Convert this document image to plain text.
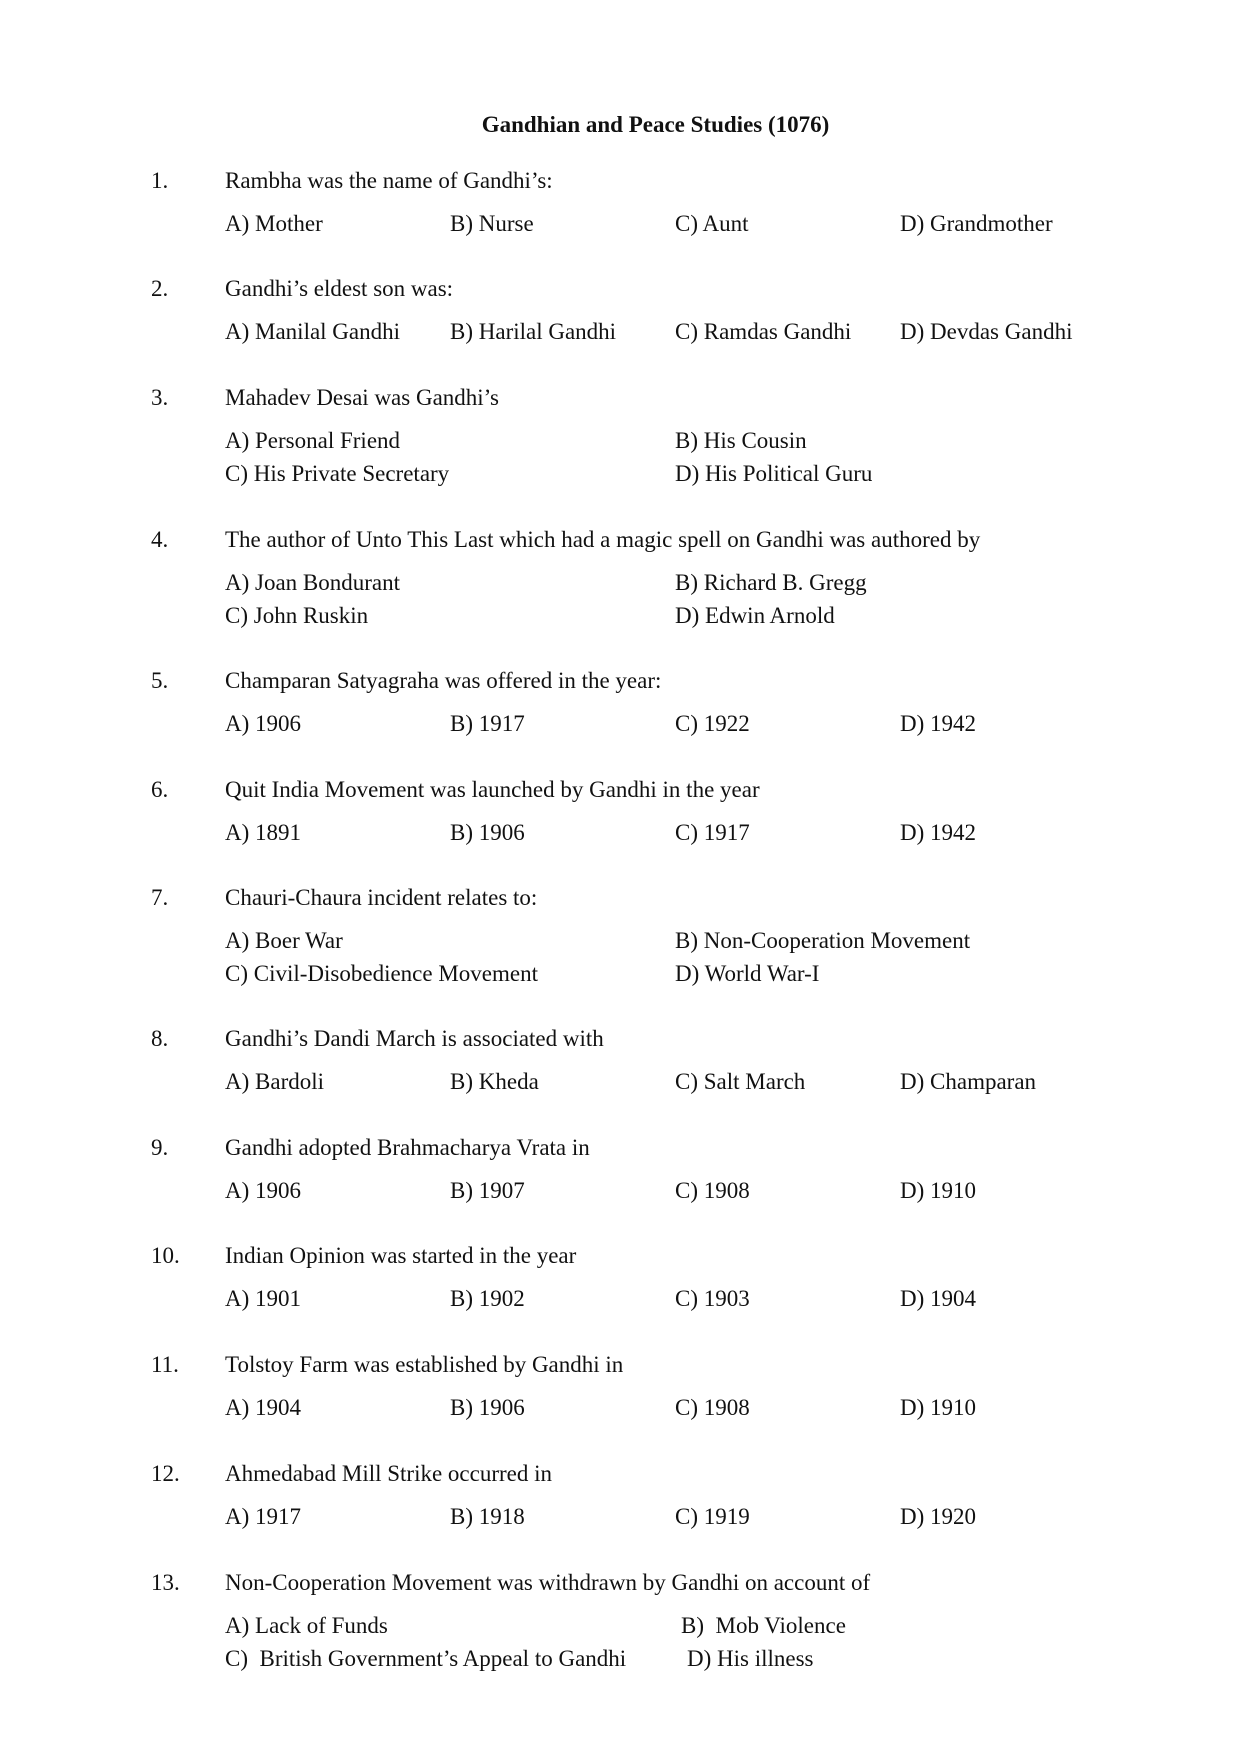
Gandhian and Peace Studies (1076)
1. Rambha was the name of Gandhi’s:
A) Mother	B) Nurse	C) Aunt	D) Grandmother
2. Gandhi’s eldest son was:
A) Manilal Gandhi B) Harilal Gandhi	C) Ramdas Gandhi D) Devdas Gandhi
3. Mahadev Desai was Gandhi’s
A) Personal Friend	B) His Cousin
C) His Private Secretary	D) His Political Guru
4. The author of Unto This Last which had a magic spell on Gandhi was authored by
A) Joan Bondurant	B) Richard B. Gregg
C) John Ruskin	D) Edwin Arnold
5. Champaran Satyagraha was offered in the year:
A) 1906	B) 1917	C) 1922	D) 1942
6. Quit India Movement was launched by Gandhi in the year
A) 1891	B) 1906	C) 1917	D) 1942
7. Chauri-Chaura incident relates to:
A) Boer War	B) Non-Cooperation Movement
C) Civil-Disobedience Movement	D) World War-I
8. Gandhi’s Dandi March is associated with
A) Bardoli	B) Kheda	C) Salt March	D) Champaran
9. Gandhi adopted Brahmacharya Vrata in
A) 1906	B) 1907	C) 1908	D) 1910
10. Indian Opinion was started in the year
A) 1901	B) 1902	C) 1903	D) 1904
11. Tolstoy Farm was established by Gandhi in
A) 1904	B) 1906	C) 1908	D) 1910
12. Ahmedabad Mill Strike occurred in
A) 1917	B) 1918	C) 1919	D) 1920
13. Non-Cooperation Movement was withdrawn by Gandhi on account of
A) Lack of Funds	B)  Mob Violence
C)  British Government’s Appeal to Gandhi	D) His illness
